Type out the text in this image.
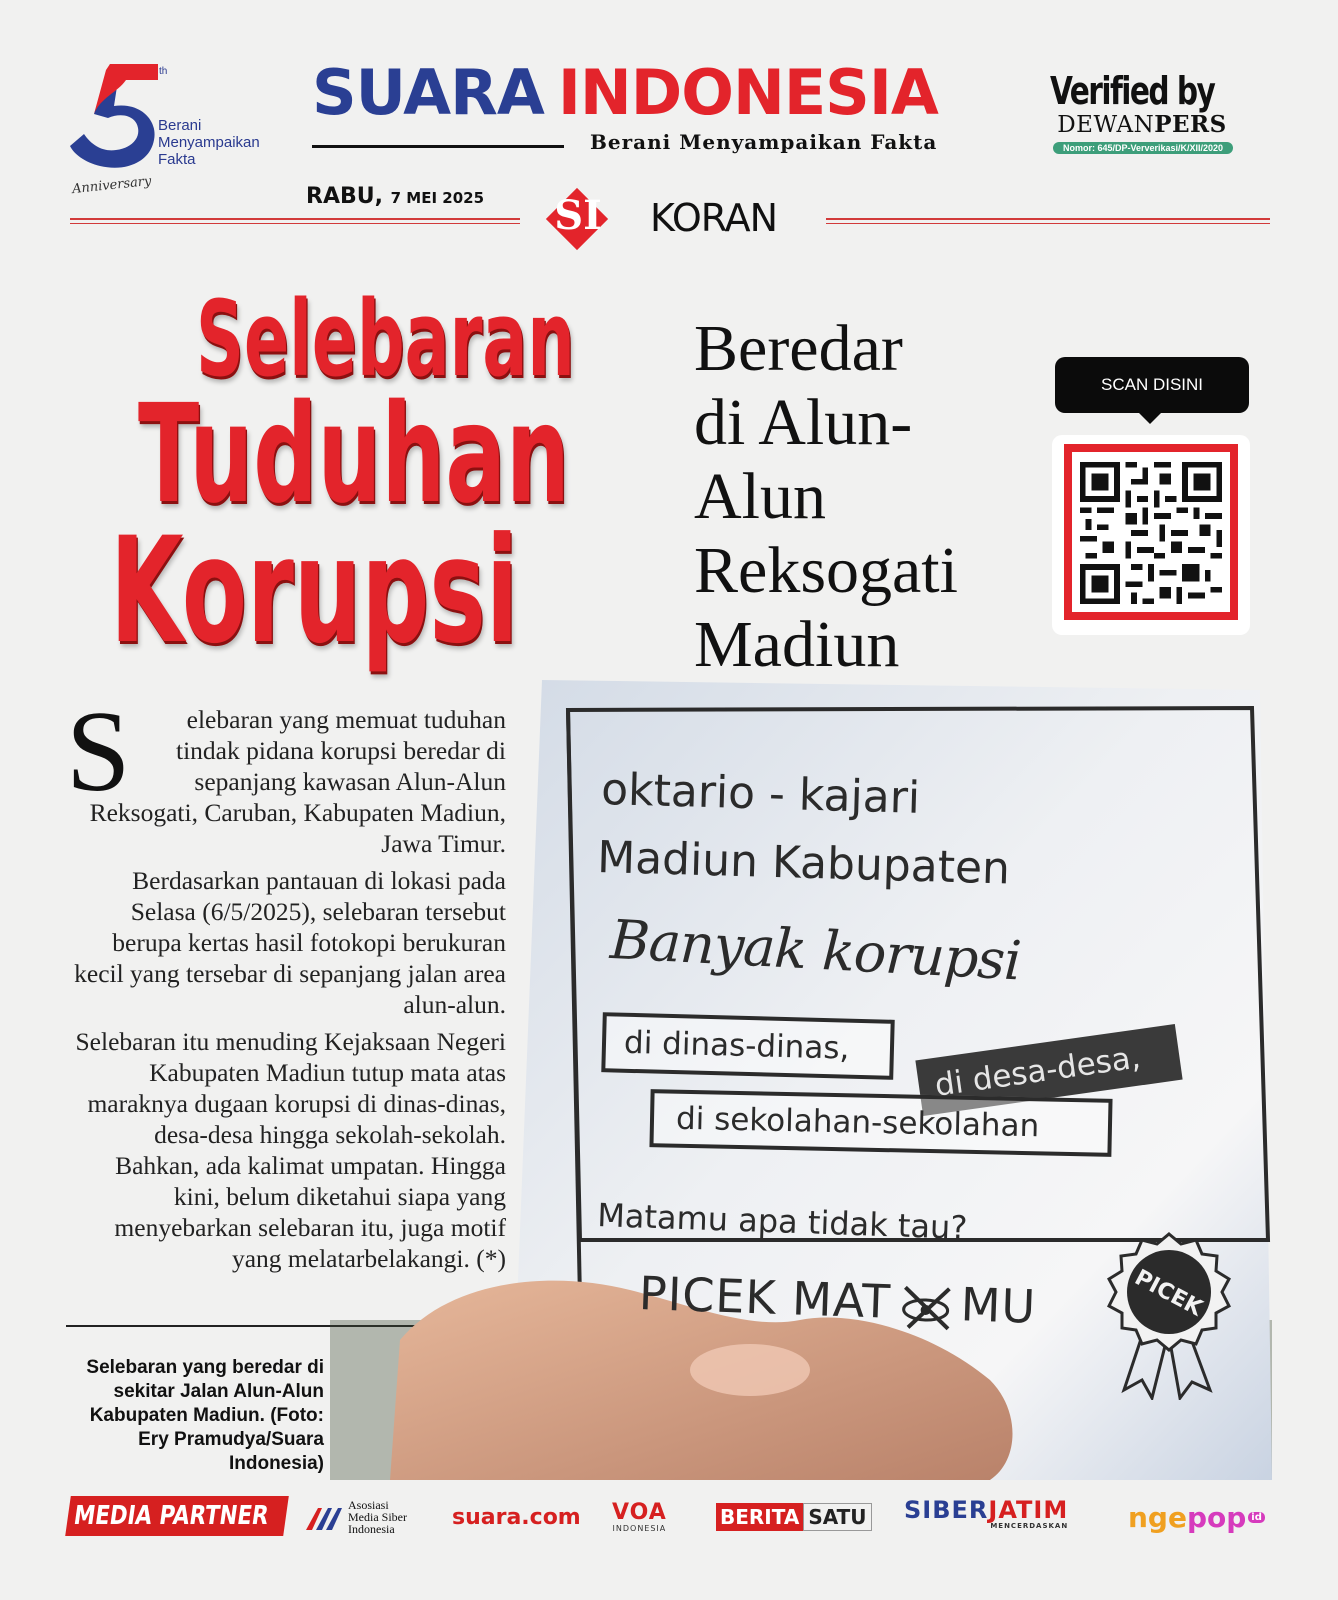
th
Berani
Menyampaikan
Fakta
Anniversary
SUARA INDONESIA
Berani Menyampaikan Fakta
Verified by
DEWANPERS
Nomor: 645/DP-Ververikasi/K/XII/2020
RABU, 7 MEI 2025 SI KORAN
Selebaran
Tuduhan
Korupsi
Beredar
di Alun-
Alun
Reksogati
Madiun
SCAN DISINI

S elebaran yang memuat tuduhan tindak pidana korupsi beredar di sepanjang kawasan Alun-Alun Reksogati, Caruban, Kabupaten Madiun, Jawa Timur.

Berdasarkan pantauan di lokasi pada Selasa (6/5/2025), selebaran tersebut berupa kertas hasil fotokopi berukuran kecil yang tersebar di sepanjang jalan area alun-alun.

Selebaran itu menuding Kejaksaan Negeri Kabupaten Madiun tutup mata atas maraknya dugaan korupsi di dinas-dinas, desa-desa hingga sekolah-sekolah. Bahkan, ada kalimat umpatan. Hingga kini, belum diketahui siapa yang menyebarkan selebaran itu, juga motif yang melatarbelakangi. (*)

Selebaran yang beredar di sekitar Jalan Alun-Alun Kabupaten Madiun. (Foto: Ery Pramudya/Suara Indonesia)
oktario - kajari
Madiun Kabupaten
Banyak korupsi
di dinas-dinas,	di desa-desa,
di sekolahan-sekolahan
Matamu apa tidak tau?
PICEK MAT MU	PICEK
MEDIA PARTNER	Asosiasi
Media Siber
Indonesia	suara.com VOA
INDONESIA	BERITA SATU SIBERJATIM
MENCERDASKAN nge pop id
